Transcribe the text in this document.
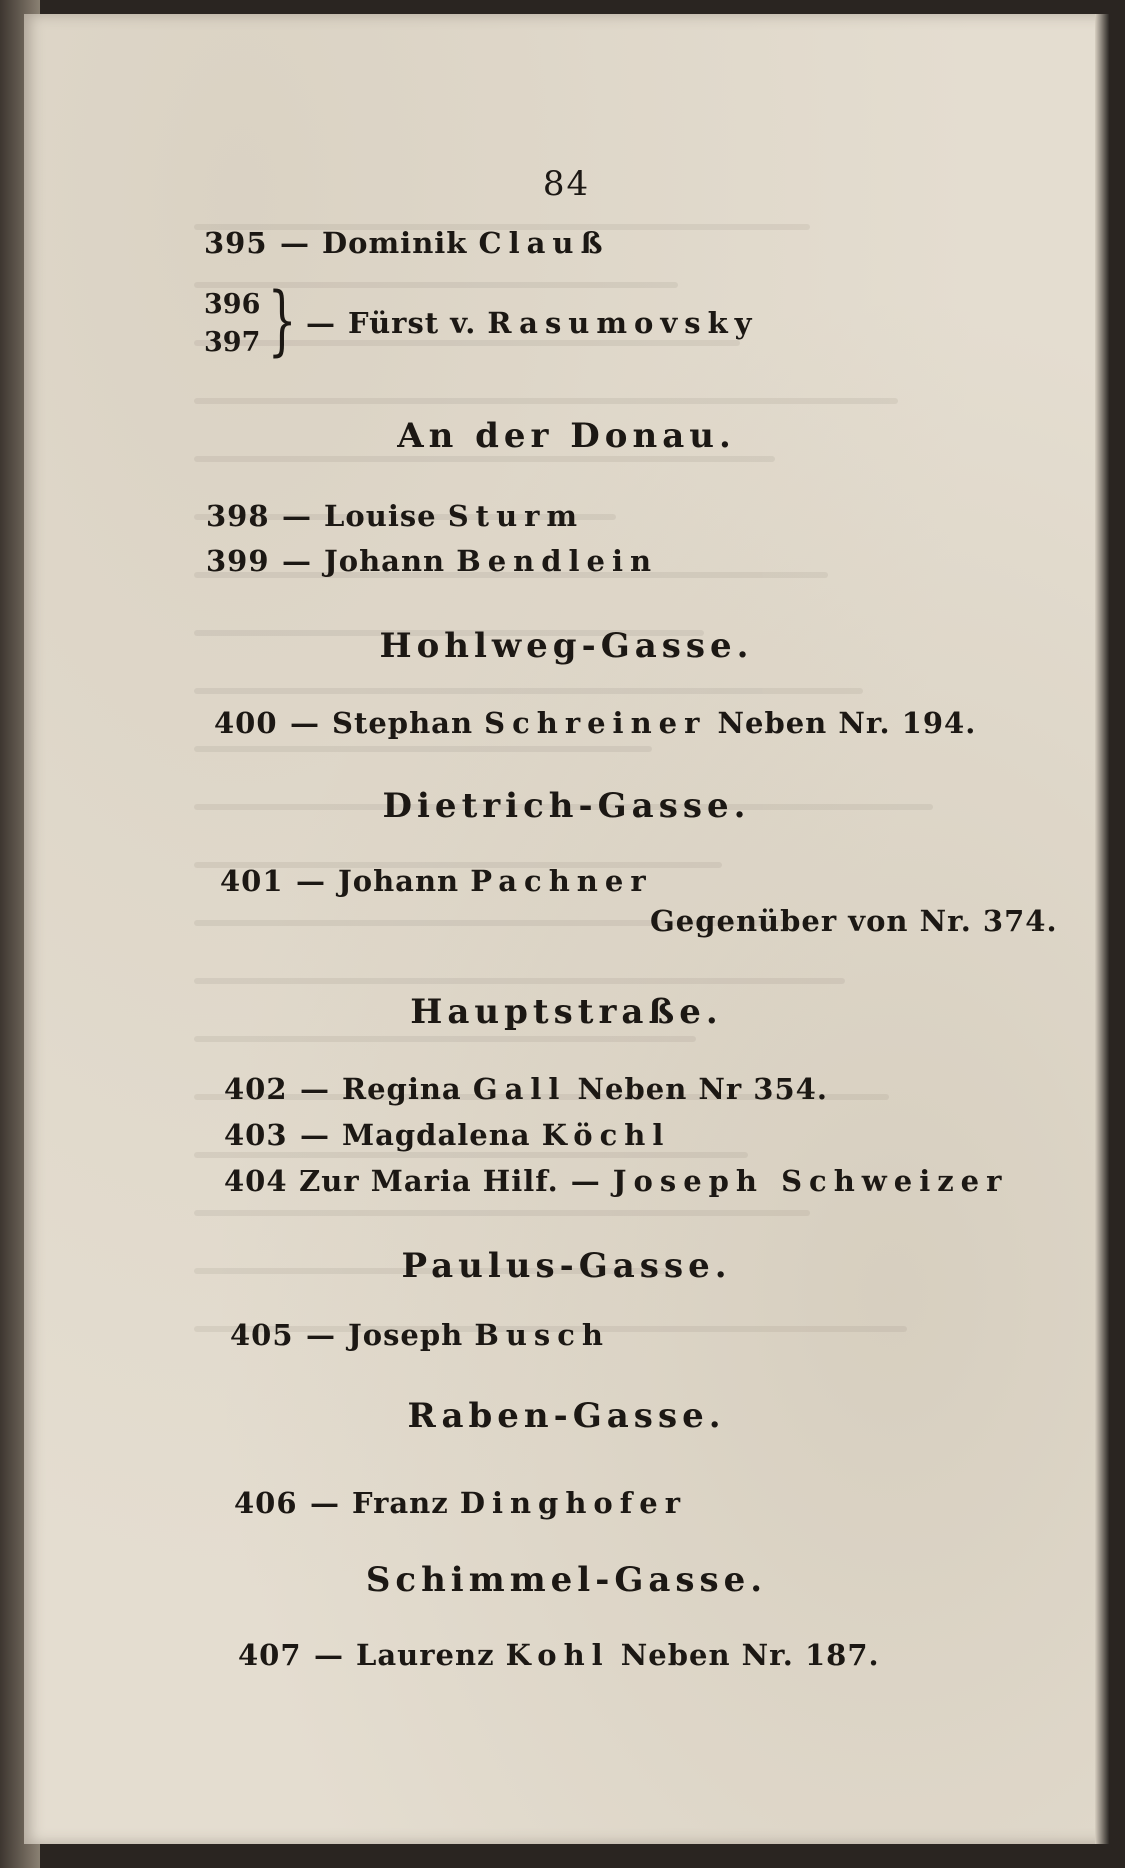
84
395 — Dominik Clauß
396
397 } — Fürst v. Rasumovsky
An der Donau.
398 — Louise Sturm
399 — Johann Bendlein
Hohlweg-Gasse.
400 — Stephan Schreiner Neben Nr. 194.
Dietrich-Gasse.
401 — Johann Pachner
Gegenüber von Nr. 374.
Hauptstraße.
402 — Regina Gall Neben Nr 354.
403 — Magdalena Köchl
404 Zur Maria Hilf. — Joseph Schweizer
Paulus-Gasse.
405 — Joseph Busch
Raben-Gasse.
406 — Franz Dinghofer
Schimmel-Gasse.
407 — Laurenz Kohl Neben Nr. 187.
